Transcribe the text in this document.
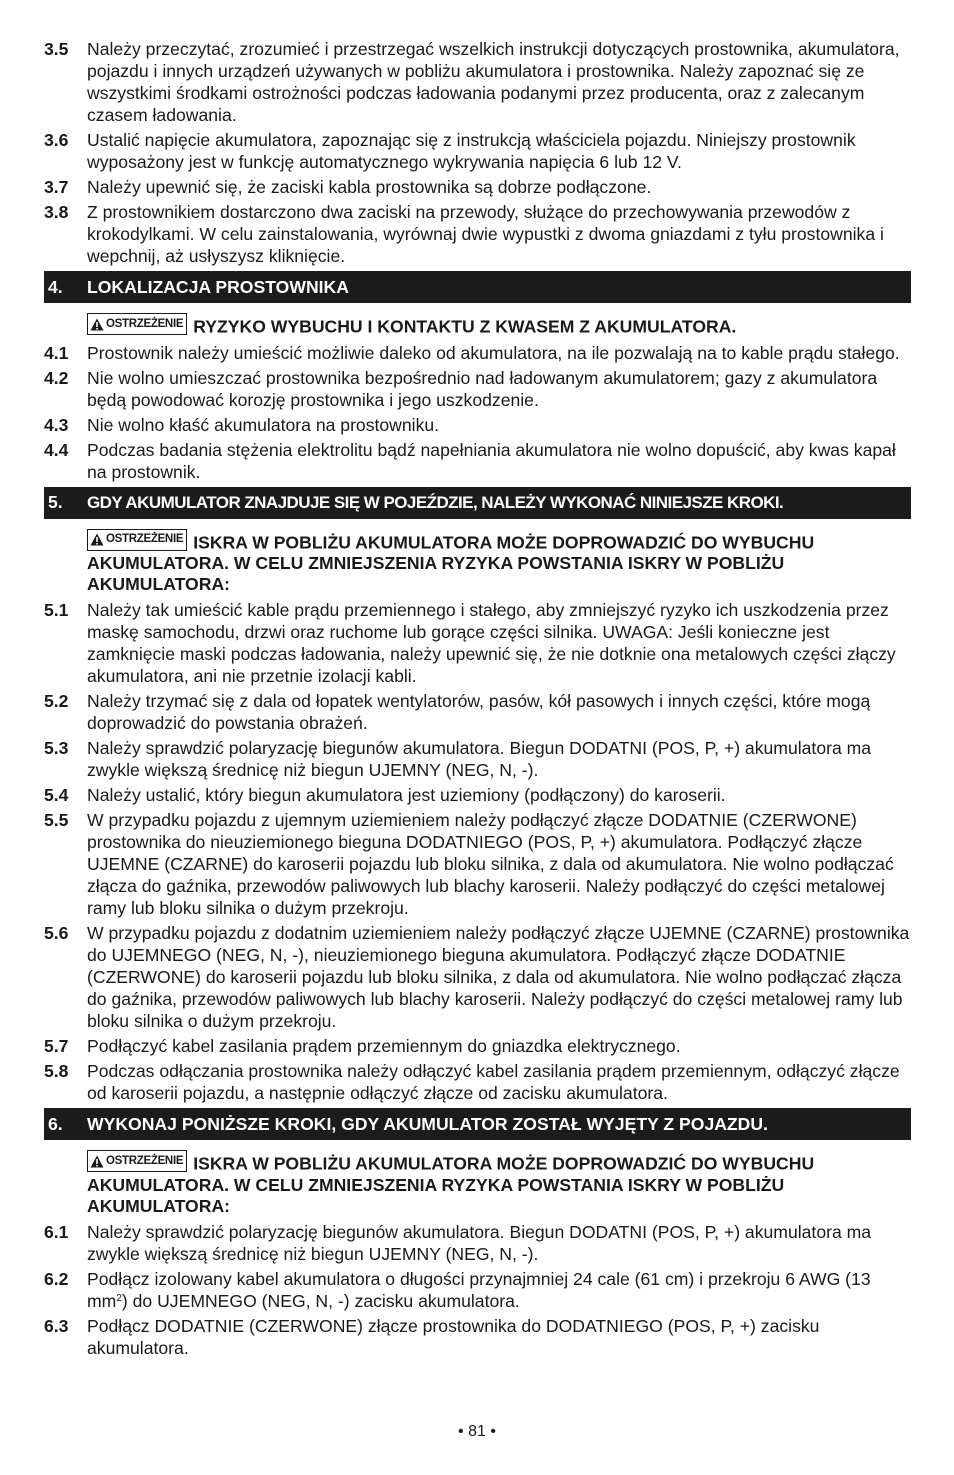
3.5	Należy przeczytać, zrozumieć i przestrzegać wszelkich instrukcji dotyczących prostownika, akumulatora, pojazdu i innych urządzeń używanych w pobliżu akumulatora i prostownika. Należy zapoznać się ze wszystkimi środkami ostrożności podczas ładowania podanymi przez producenta, oraz z zalecanym czasem ładowania.
3.6	Ustalić napięcie akumulatora, zapoznając się z instrukcją właściciela pojazdu. Niniejszy prostownik wyposażony jest w funkcję automatycznego wykrywania napięcia 6 lub 12 V.
3.7	Należy upewnić się, że zaciski kabla prostownika są dobrze podłączone.
3.8	Z prostownikiem dostarczono dwa zaciski na przewody, służące do przechowywania przewodów z krokodylkami. W celu zainstalowania, wyrównaj dwie wypustki z dwoma gniazdami z tyłu prostownika i wepchnij, aż usłyszysz kliknięcie.
4.	LOKALIZACJA PROSTOWNIKA
OSTRZEŻENIE RYZYKO WYBUCHU I KONTAKTU Z KWASEM Z AKUMULATORA.
4.1	Prostownik należy umieścić możliwie daleko od akumulatora, na ile pozwalają na to kable prądu stałego.
4.2	Nie wolno umieszczać prostownika bezpośrednio nad ładowanym akumulatorem; gazy z akumulatora będą powodować korozję prostownika i jego uszkodzenie.
4.3	Nie wolno kłaść akumulatora na prostowniku.
4.4	Podczas badania stężenia elektrolitu bądź napełniania akumulatora nie wolno dopuścić, aby kwas kapał na prostownik.
5.	GDY AKUMULATOR ZNAJDUJE SIĘ W POJEŹDZIE, NALEŻY WYKONAĆ NINIEJSZE KROKI.
OSTRZEŻENIE ISKRA W POBLIŻU AKUMULATORA MOŻE DOPROWADZIĆ DO WYBUCHU AKUMULATORA. W CELU ZMNIEJSZENIA RYZYKA POWSTANIA ISKRY W POBLIŻU AKUMULATORA:
5.1	Należy tak umieścić kable prądu przemiennego i stałego, aby zmniejszyć ryzyko ich uszkodzenia przez maskę samochodu, drzwi oraz ruchome lub gorące części silnika. UWAGA: Jeśli konieczne jest zamknięcie maski podczas ładowania, należy upewnić się, że nie dotknie ona metalowych części złączy akumulatora, ani nie przetnie izolacji kabli.
5.2	Należy trzymać się z dala od łopatek wentylatorów, pasów, kół pasowych i innych części, które mogą doprowadzić do powstania obrażeń.
5.3	Należy sprawdzić polaryzację biegunów akumulatora. Biegun DODATNI (POS, P, +) akumulatora ma zwykle większą średnicę niż biegun UJEMNY (NEG, N, -).
5.4	Należy ustalić, który biegun akumulatora jest uziemiony (podłączony) do karoserii.
5.5	W przypadku pojazdu z ujemnym uziemieniem należy podłączyć złącze DODATNIE (CZERWONE) prostownika do nieuziemionego bieguna DODATNIEGO (POS, P, +) akumulatora. Podłączyć złącze UJEMNE (CZARNE) do karoserii pojazdu lub bloku silnika, z dala od akumulatora. Nie wolno podłączać złącza do gaźnika, przewodów paliwowych lub blachy karoserii. Należy podłączyć do części metalowej ramy lub bloku silnika o dużym przekroju.
5.6	W przypadku pojazdu z dodatnim uziemieniem należy podłączyć złącze UJEMNE (CZARNE) prostownika do UJEMNEGO (NEG, N, -), nieuziemionego bieguna akumulatora. Podłączyć złącze DODATNIE (CZERWONE) do karoserii pojazdu lub bloku silnika, z dala od akumulatora. Nie wolno podłączać złącza do gaźnika, przewodów paliwowych lub blachy karoserii. Należy podłączyć do części metalowej ramy lub bloku silnika o dużym przekroju.
5.7	Podłączyć kabel zasilania prądem przemiennym do gniazdka elektrycznego.
5.8	Podczas odłączania prostownika należy odłączyć kabel zasilania prądem przemiennym, odłączyć złącze od karoserii pojazdu, a następnie odłączyć złącze od zacisku akumulatora.
6.	WYKONAJ PONIŻSZE KROKI, GDY AKUMULATOR ZOSTAŁ WYJĘTY Z POJAZDU.
OSTRZEŻENIE ISKRA W POBLIŻU AKUMULATORA MOŻE DOPROWADZIĆ DO WYBUCHU AKUMULATORA. W CELU ZMNIEJSZENIA RYZYKA POWSTANIA ISKRY W POBLIŻU AKUMULATORA:
6.1	Należy sprawdzić polaryzację biegunów akumulatora. Biegun DODATNI (POS, P, +) akumulatora ma zwykle większą średnicę niż biegun UJEMNY (NEG, N, -).
6.2	Podłącz izolowany kabel akumulatora o długości przynajmniej 24 cale (61 cm) i przekroju 6 AWG (13 $mm^2$) do UJEMNEGO (NEG, N, -) zacisku akumulatora.
6.3	Podłącz DODATNIE (CZERWONE) złącze prostownika do DODATNIEGO (POS, P, +) zacisku akumulatora.
• 81 •
